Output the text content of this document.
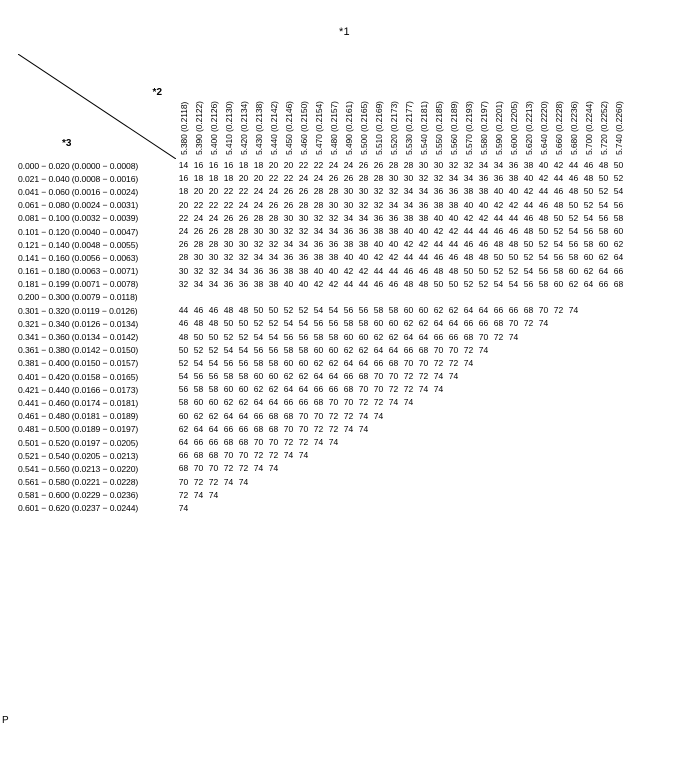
*1
*2
*3	5.380 (0.2118)	5.390 (0.2122)	5.400 (0.2126)	5.410 (0.2130)	5.420 (0.2134)	5.430 (0.2138)	5.440 (0.2142)	5.450 (0.2146)	5.460 (0.2150)	5.470 (0.2154)	5.480 (0.2157)	5.490 (0.2161)	5.500 (0.2165)	5.510 (0.2169)	5.520 (0.2173)	5.530 (0.2177)	5.540 (0.2181)	5.550 (0.2185)	5.560 (0.2189)	5.570 (0.2193)	5.580 (0.2197)	5.590 (0.2201)	5.600 (0.2205)	5.620 (0.2213)	5.640 (0.2220)	5.660 (0.2228)	5.680 (0.2236)	5.700 (0.2244)	5.720 (0.2252)	5.740 (0.2260)

0.000 − 0.020 (0.0000 − 0.0008)	14	16	16	16	18	18	20	20	22	22	24	24	26	26	28	28	30	30	32	32	34	34	36	38	40	42	44	46	48	50
0.021 − 0.040 (0.0008 − 0.0016)	16	18	18	18	20	20	22	22	24	24	26	26	28	28	30	30	32	32	34	34	36	36	38	40	42	44	46	48	50	52
0.041 − 0.060 (0.0016 − 0.0024)	18	20	20	22	22	24	24	26	26	28	28	30	30	32	32	34	34	36	36	38	38	40	40	42	44	46	48	50	52	54
0.061 − 0.080 (0.0024 − 0.0031)	20	22	22	22	24	24	26	26	28	28	30	30	32	32	34	34	36	38	38	40	40	42	42	44	46	48	50	52	54	56
0.081 − 0.100 (0.0032 − 0.0039)	22	24	24	26	26	28	28	30	30	32	32	34	34	36	36	38	38	40	40	42	42	44	44	46	48	50	52	54	56	58
0.101 − 0.120 (0.0040 − 0.0047)	24	26	26	28	28	30	30	32	32	34	34	36	36	38	38	40	40	42	42	44	44	46	46	48	50	52	54	56	58	60
0.121 − 0.140 (0.0048 − 0.0055)	26	28	28	30	30	32	32	34	34	36	36	38	38	40	40	42	42	44	44	46	46	48	48	50	52	54	56	58	60	62
0.141 − 0.160 (0.0056 − 0.0063)	28	30	30	32	32	34	34	36	36	38	38	40	40	42	42	44	44	46	46	48	48	50	50	52	54	56	58	60	62	64
0.161 − 0.180 (0.0063 − 0.0071)	30	32	32	34	34	36	36	38	38	40	40	42	42	44	44	46	46	48	48	50	50	52	52	54	56	58	60	62	64	66
0.181 − 0.199 (0.0071 − 0.0078)	32	34	34	36	36	38	38	40	40	42	42	44	44	46	46	48	48	50	50	52	52	54	54	56	58	60	62	64	66	68
0.200 − 0.300 (0.0079 − 0.0118)																														
0.301 − 0.320 (0.0119 − 0.0126)	44	46	46	48	48	50	50	52	52	54	54	56	56	58	58	60	60	62	62	64	64	66	66	68	70	72	74			
0.321 − 0.340 (0.0126 − 0.0134)	46	48	48	50	50	52	52	54	54	56	56	58	58	60	60	62	62	64	64	66	66	68	70	72	74					
0.341 − 0.360 (0.0134 − 0.0142)	48	50	50	52	52	54	54	56	56	58	58	60	60	62	62	64	64	66	66	68	70	72	74							
0.361 − 0.380 (0.0142 − 0.0150)	50	52	52	54	54	56	56	58	58	60	60	62	62	64	64	66	68	70	70	72	74									
0.381 − 0.400 (0.0150 − 0.0157)	52	54	54	56	56	58	58	60	60	62	62	64	64	66	68	70	70	72	72	74										
0.401 − 0.420 (0.0158 − 0.0165)	54	56	56	58	58	60	60	62	62	64	64	66	68	70	70	72	72	74	74											
0.421 − 0.440 (0.0166 − 0.0173)	56	58	58	60	60	62	62	64	64	66	66	68	70	70	72	72	74	74												
0.441 − 0.460 (0.0174 − 0.0181)	58	60	60	62	62	64	64	66	66	68	70	70	72	72	74	74														
0.461 − 0.480 (0.0181 − 0.0189)	60	62	62	64	64	66	68	68	70	70	72	72	74	74																
0.481 − 0.500 (0.0189 − 0.0197)	62	64	64	66	66	68	68	70	70	72	72	74	74																	
0.501 − 0.520 (0.0197 − 0.0205)	64	66	66	68	68	70	70	72	72	74	74																			
0.521 − 0.540 (0.0205 − 0.0213)	66	68	68	70	70	72	72	74	74																					
0.541 − 0.560 (0.0213 − 0.0220)	68	70	70	72	72	74	74																							
0.561 − 0.580 (0.0221 − 0.0228)	70	72	72	74	74																									
0.581 − 0.600 (0.0229 − 0.0236)	72	74	74																											
0.601 − 0.620 (0.0237 − 0.0244)	74																													
P
